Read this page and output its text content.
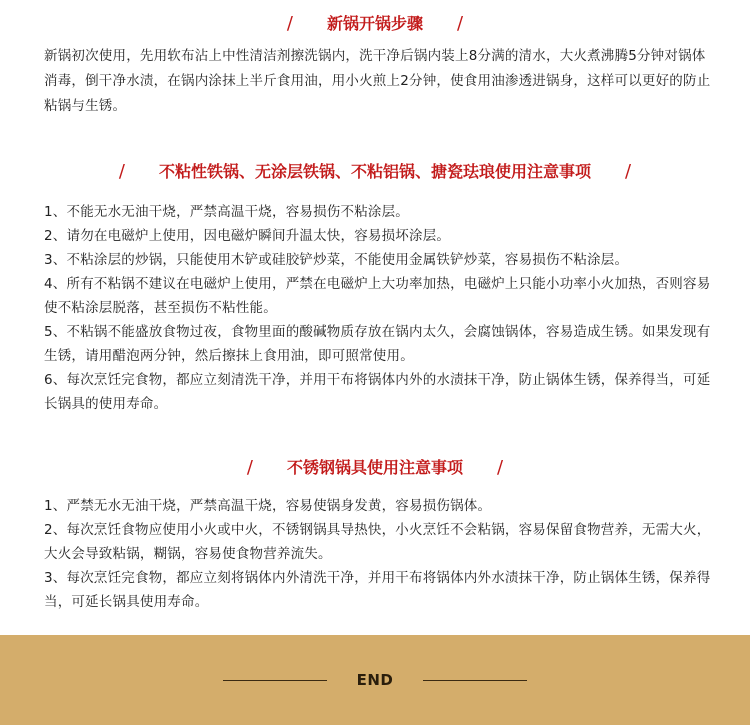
/ 新锅开锅步骤 /
新锅初次使用，先用软布沾上中性清洁剂擦洗锅内，洗干净后锅内装上8分满的清水，大火煮沸腾5分钟对锅体消毒，倒干净水渍，在锅内涂抹上半斤食用油，用小火煎上2分钟，使食用油渗透进锅身，这样可以更好的防止粘锅与生锈。
/ 不粘性铁锅、无涂层铁锅、不粘铝锅、搪瓷珐琅使用注意事项 /
1、不能无水无油干烧，严禁高温干烧，容易损伤不粘涂层。
2、请勿在电磁炉上使用，因电磁炉瞬间升温太快，容易损坏涂层。
3、不粘涂层的炒锅，只能使用木铲或硅胶铲炒菜，不能使用金属铁铲炒菜，容易损伤不粘涂层。
4、所有不粘锅不建议在电磁炉上使用，严禁在电磁炉上大功率加热，电磁炉上只能小功率小火加热，否则容易使不粘涂层脱落，甚至损伤不粘性能。
5、不粘锅不能盛放食物过夜，食物里面的酸碱物质存放在锅内太久，会腐蚀锅体，容易造成生锈。如果发现有生锈，请用醋泡两分钟，然后擦抹上食用油，即可照常使用。
6、每次烹饪完食物，都应立刻清洗干净，并用干布将锅体内外的水渍抹干净，防止锅体生锈，保养得当，可延长锅具的使用寿命。
/ 不锈钢锅具使用注意事项 /
1、严禁无水无油干烧，严禁高温干烧，容易使锅身发黄，容易损伤锅体。
2、每次烹饪食物应使用小火或中火，不锈钢锅具导热快，小火烹饪不会粘锅，容易保留食物营养，无需大火，大火会导致粘锅，糊锅，容易使食物营养流失。
3、每次烹饪完食物，都应立刻将锅体内外清洗干净，并用干布将锅体内外水渍抹干净，防止锅体生锈，保养得当，可延长锅具使用寿命。
END
